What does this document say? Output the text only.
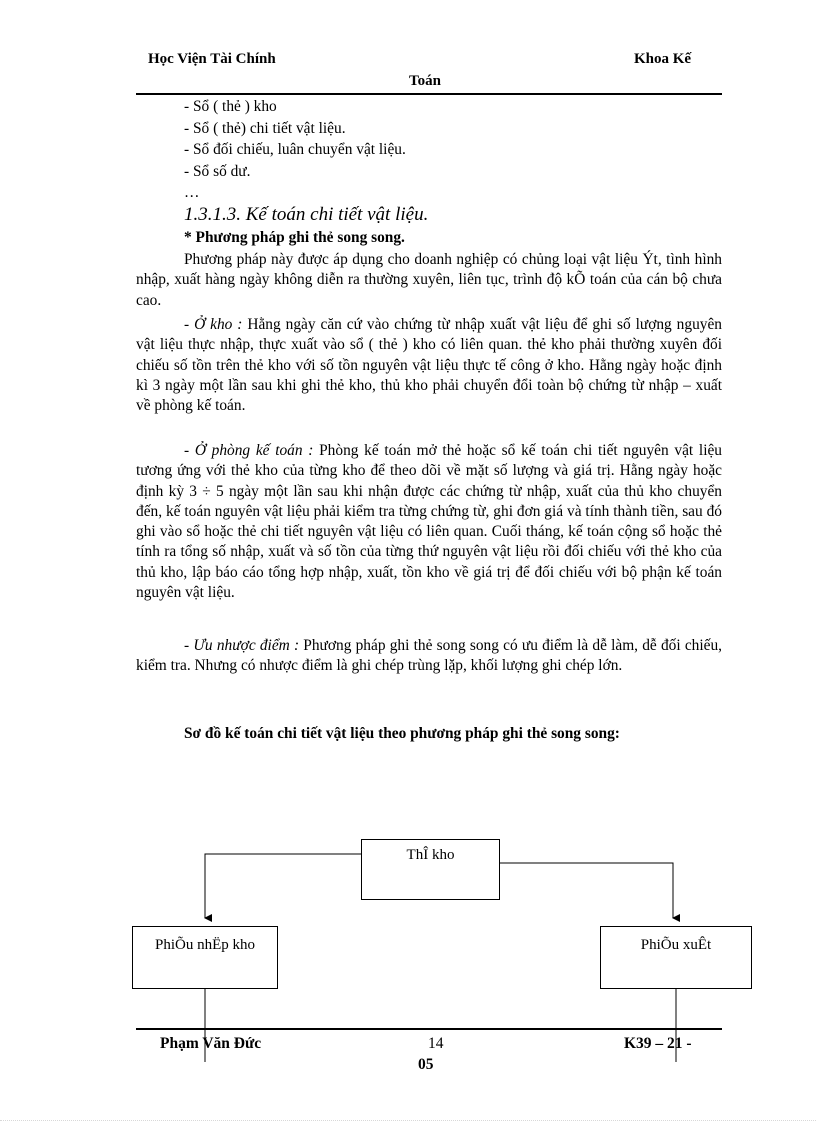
Học Viện Tài Chính	Khoa Kế
Toán
- Sổ ( thẻ ) kho
- Sổ ( thẻ) chi tiết vật liệu.
- Sổ đối chiếu, luân chuyển vật liệu.
- Sổ số dư.
…
1.3.1.3. Kế toán chi tiết vật liệu.
* Phương pháp ghi thẻ song song.
Phương pháp này được áp dụng cho doanh nghiệp có chủng loại vật liệu Ýt, tình hình nhập, xuất hàng ngày không diễn ra thường xuyên, liên tục, trình độ kÕ toán của cán bộ chưa cao.
- Ở kho : Hằng ngày căn cứ vào chứng từ nhập xuất vật liệu để ghi số lượng nguyên vật liệu thực nhập, thực xuất vào sổ ( thẻ ) kho có liên quan. thẻ kho phải thường xuyên đối chiếu số tồn trên thẻ kho với số tồn nguyên vật liệu thực tế công ở kho. Hằng ngày hoặc định kì 3 ngày một lần sau khi ghi thẻ kho, thủ kho phải chuyển đổi toàn bộ chứng từ nhập – xuất về phòng kế toán.
- Ở phòng kế toán : Phòng kế toán mở thẻ hoặc sổ kế toán chi tiết nguyên vật liệu tương ứng với thẻ kho của từng kho để theo dõi về mặt số lượng và giá trị. Hằng ngày hoặc định kỳ 3 ÷ 5 ngày một lần sau khi nhận được các chứng từ nhập, xuất của thủ kho chuyển đến, kế toán nguyên vật liệu phải kiểm tra từng chứng từ, ghi đơn giá và tính thành tiền, sau đó ghi vào sổ hoặc thẻ chi tiết nguyên vật liệu có liên quan. Cuối tháng, kế toán cộng sổ hoặc thẻ tính ra tổng số nhập, xuất và số tồn của từng thứ nguyên vật liệu rồi đối chiếu với thẻ kho của thủ kho, lập báo cáo tổng hợp nhập, xuất, tồn kho về giá trị để đối chiếu với bộ phận kế toán nguyên vật liệu.
- Ưu nhược điểm : Phương pháp ghi thẻ song song có ưu điểm là dễ làm, dễ đối chiếu, kiểm tra. Nhưng có nhược điểm là ghi chép trùng lặp, khối lượng ghi chép lớn.
Sơ đồ kế toán chi tiết vật liệu theo phương pháp ghi thẻ song song:
ThÎ kho
PhiÕu nhËp kho	PhiÕu xuÊt
Phạm Văn Đức	14	K39 – 21 -
05
